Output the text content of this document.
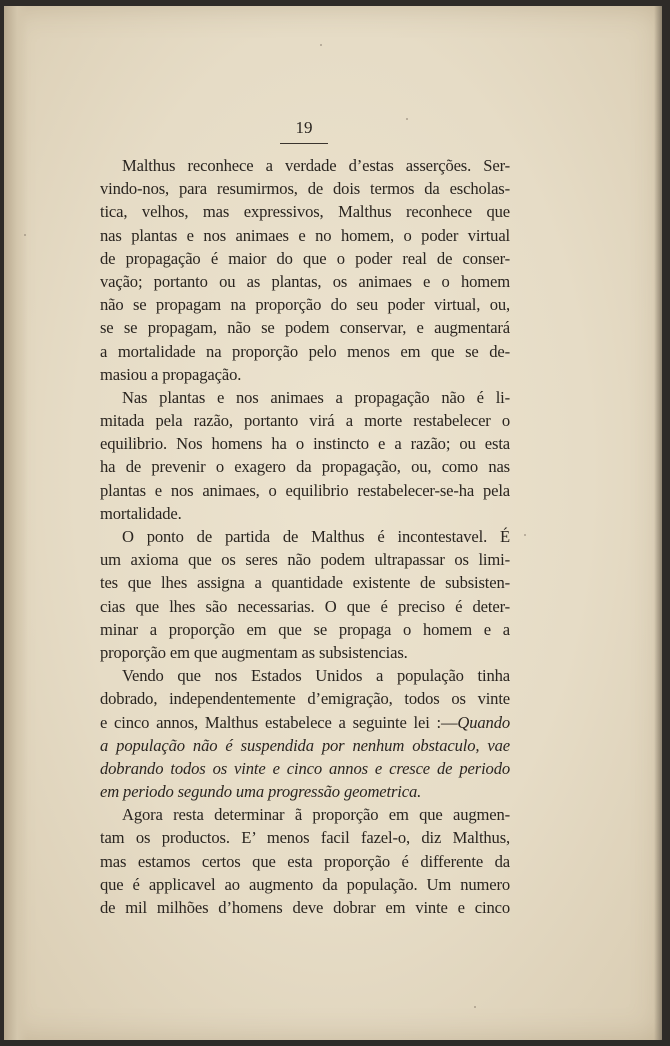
19
Malthus reconhece a verdade d’estas asserções. Ser-
vindo-nos, para resumirmos, de dois termos da escholas-
tica, velhos, mas expressivos, Malthus reconhece que
nas plantas e nos animaes e no homem, o poder virtual
de propagação é maior do que o poder real de conser-
vação; portanto ou as plantas, os animaes e o homem
não se propagam na proporção do seu poder virtual, ou,
se se propagam, não se podem conservar, e augmentará
a mortalidade na proporção pelo menos em que se de-
masiou a propagação.
Nas plantas e nos animaes a propagação não é li-
mitada pela razão, portanto virá a morte restabelecer o
equilibrio. Nos homens ha o instincto e a razão; ou esta
ha de prevenir o exagero da propagação, ou, como nas
plantas e nos animaes, o equilibrio restabelecer-se-ha pela
mortalidade.
O ponto de partida de Malthus é incontestavel. É
um axioma que os seres não podem ultrapassar os limi-
tes que lhes assigna a quantidade existente de subsisten-
cias que lhes são necessarias. O que é preciso é deter-
minar a proporção em que se propaga o homem e a
proporção em que augmentam as subsistencias.
Vendo que nos Estados Unidos a população tinha
dobrado, independentemente d’emigração, todos os vinte
e cinco annos, Malthus estabelece a seguinte lei :—Quando
a população não é suspendida por nenhum obstaculo, vae
dobrando todos os vinte e cinco annos e cresce de periodo
em periodo segundo uma progressão geometrica.
Agora resta determinar ã proporção em que augmen-
tam os productos. E’ menos facil fazel-o, diz Malthus,
mas estamos certos que esta proporção é differente da
que é applicavel ao augmento da população. Um numero
de mil milhões d’homens deve dobrar em vinte e cinco
